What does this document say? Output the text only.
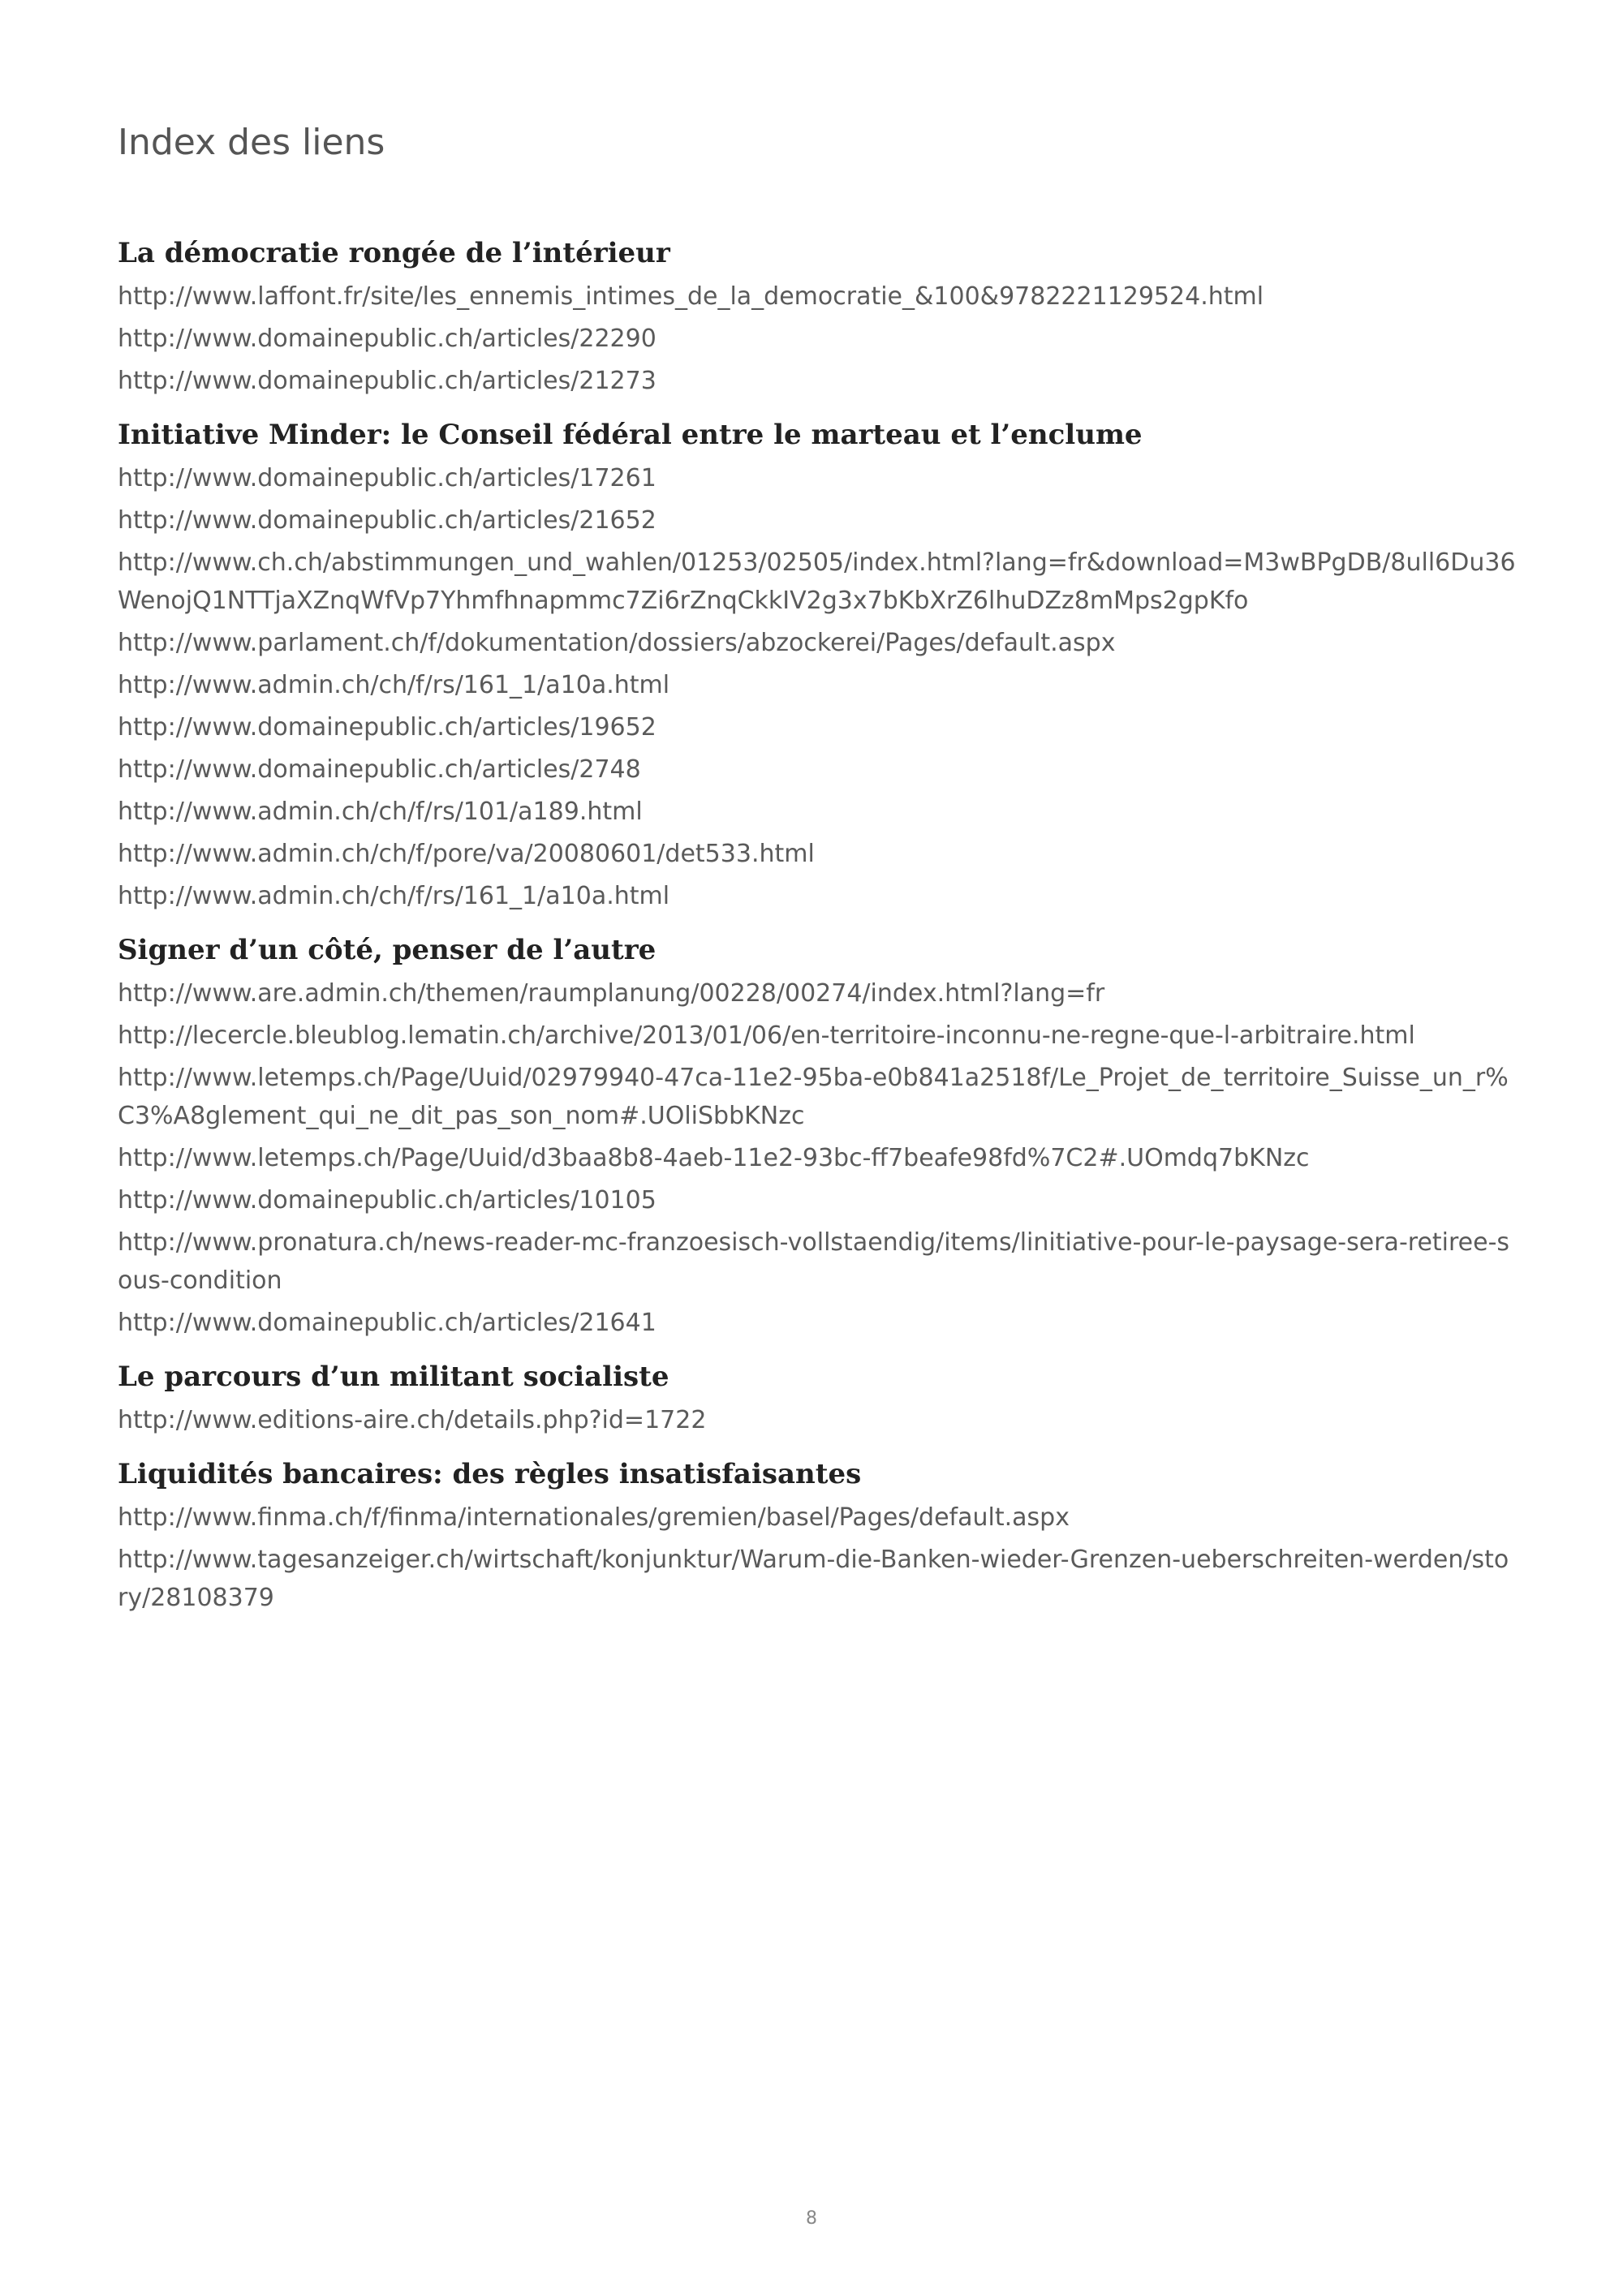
Index des liens
La démocratie rongée de l’intérieur
http://www.laffont.fr/site/les_ennemis_intimes_de_la_democratie_&100&9782221129524.html
http://www.domainepublic.ch/articles/22290
http://www.domainepublic.ch/articles/21273
Initiative Minder: le Conseil fédéral entre le marteau et l’enclume
http://www.domainepublic.ch/articles/17261
http://www.domainepublic.ch/articles/21652
http://www.ch.ch/abstimmungen_und_wahlen/01253/02505/index.html?lang=fr&download=M3wBPgDB/8ull6Du36WenojQ1NTTjaXZnqWfVp7Yhmfhnapmmc7Zi6rZnqCkkIV2g3x7bKbXrZ6lhuDZz8mMps2gpKfo
http://www.parlament.ch/f/dokumentation/dossiers/abzockerei/Pages/default.aspx
http://www.admin.ch/ch/f/rs/161_1/a10a.html
http://www.domainepublic.ch/articles/19652
http://www.domainepublic.ch/articles/2748
http://www.admin.ch/ch/f/rs/101/a189.html
http://www.admin.ch/ch/f/pore/va/20080601/det533.html
http://www.admin.ch/ch/f/rs/161_1/a10a.html
Signer d’un côté, penser de l’autre
http://www.are.admin.ch/themen/raumplanung/00228/00274/index.html?lang=fr
http://lecercle.bleublog.lematin.ch/archive/2013/01/06/en-territoire-inconnu-ne-regne-que-l-arbitraire.html
http://www.letemps.ch/Page/Uuid/02979940-47ca-11e2-95ba-e0b841a2518f/Le_Projet_de_territoire_Suisse_un_r%C3%A8glement_qui_ne_dit_pas_son_nom#.UOliSbbKNzc
http://www.letemps.ch/Page/Uuid/d3baa8b8-4aeb-11e2-93bc-ff7beafe98fd%7C2#.UOmdq7bKNzc
http://www.domainepublic.ch/articles/10105
http://www.pronatura.ch/news-reader-mc-franzoesisch-vollstaendig/items/linitiative-pour-le-paysage-sera-retiree-sous-condition
http://www.domainepublic.ch/articles/21641
Le parcours d’un militant socialiste
http://www.editions-aire.ch/details.php?id=1722
Liquidités bancaires: des règles insatisfaisantes
http://www.finma.ch/f/finma/internationales/gremien/basel/Pages/default.aspx
http://www.tagesanzeiger.ch/wirtschaft/konjunktur/Warum-die-Banken-wieder-Grenzen-ueberschreiten-werden/story/28108379
8
